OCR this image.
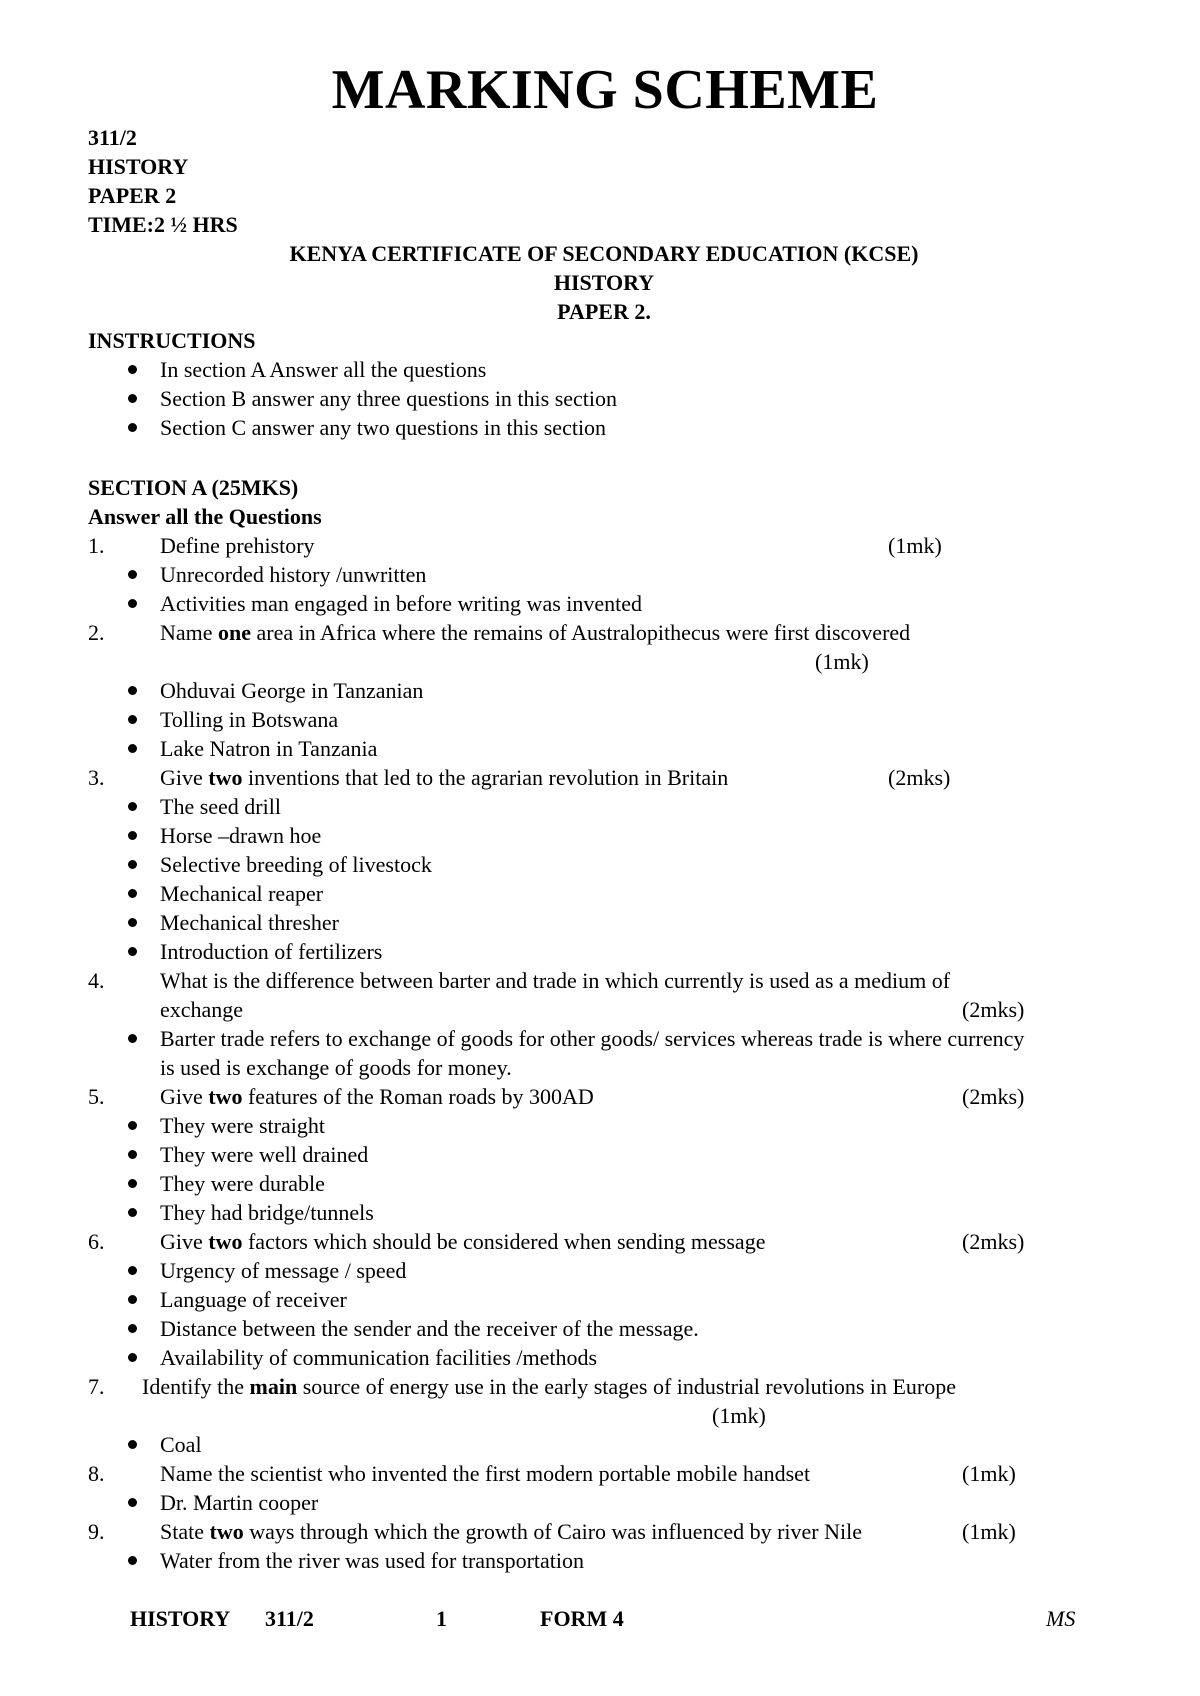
MARKING SCHEME
311/2
HISTORY
PAPER 2
TIME:2 ½ HRS
KENYA CERTIFICATE OF SECONDARY EDUCATION (KCSE)
HISTORY
PAPER 2.
INSTRUCTIONS
In section A Answer all the questions
Section B answer any three questions in this section
Section C answer any two questions in this section
SECTION A (25MKS)
Answer all the Questions
1.	Define prehistory	(1mk)
Unrecorded history /unwritten
Activities man engaged in before writing was invented
2.	Name one area in Africa where the remains of Australopithecus were first discovered
(1mk)
Ohduvai George in Tanzanian
Tolling in Botswana
Lake Natron in Tanzania
3.	Give two inventions that led to the agrarian revolution in Britain	(2mks)
The seed drill
Horse –drawn hoe
Selective breeding of livestock
Mechanical reaper
Mechanical thresher
Introduction of fertilizers
4.	What is the difference between barter and trade in which currently is used as a medium of
exchange	(2mks)
Barter trade refers to exchange of goods for other goods/ services whereas trade is where currency
is used is exchange of goods for money.
5.	Give two features of the Roman roads by 300AD	(2mks)
They were straight
They were well drained
They were durable
They had bridge/tunnels
6.	Give two factors which should be considered when sending message	(2mks)
Urgency of message / speed
Language of receiver
Distance between the sender and the receiver of the message.
Availability of communication facilities /methods
7. Identify the main source of energy use in the early stages of industrial revolutions in Europe
(1mk)
Coal
8.	Name the scientist who invented the first modern portable mobile handset	(1mk)
Dr. Martin cooper
9.	State two ways through which the growth of Cairo was influenced by river Nile	(1mk)
Water from the river was used for transportation
HISTORY 311/2	1	FORM 4	MS
